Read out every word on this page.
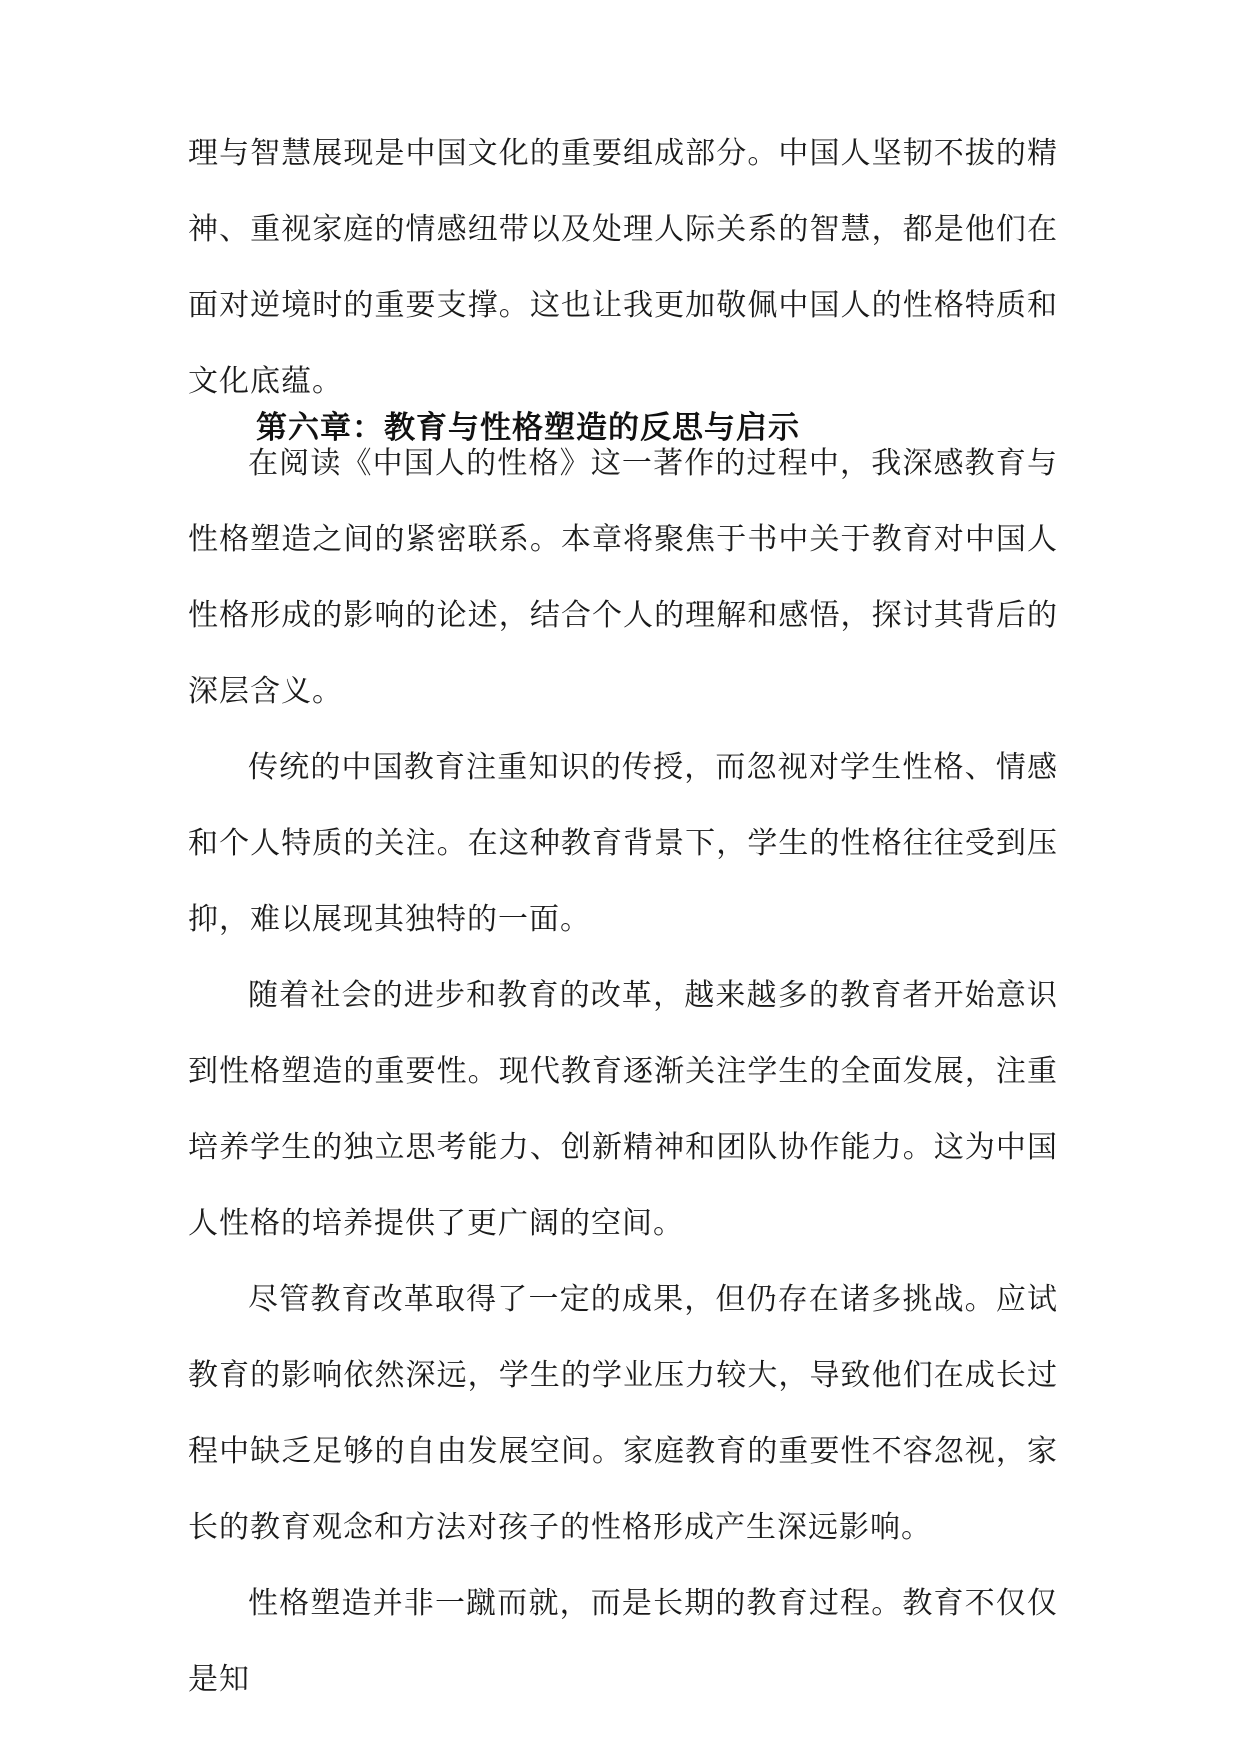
理与智慧展现是中国文化的重要组成部分。中国人坚韧不拔的精神、重视家庭的情感纽带以及处理人际关系的智慧，都是他们在面对逆境时的重要支撑。这也让我更加敬佩中国人的性格特质和文化底蕴。

第六章：教育与性格塑造的反思与启示

在阅读《中国人的性格》这一著作的过程中，我深感教育与性格塑造之间的紧密联系。本章将聚焦于书中关于教育对中国人性格形成的影响的论述，结合个人的理解和感悟，探讨其背后的深层含义。

传统的中国教育注重知识的传授，而忽视对学生性格、情感和个人特质的关注。在这种教育背景下，学生的性格往往受到压抑，难以展现其独特的一面。

随着社会的进步和教育的改革，越来越多的教育者开始意识到性格塑造的重要性。现代教育逐渐关注学生的全面发展，注重培养学生的独立思考能力、创新精神和团队协作能力。这为中国人性格的培养提供了更广阔的空间。

尽管教育改革取得了一定的成果，但仍存在诸多挑战。应试教育的影响依然深远，学生的学业压力较大，导致他们在成长过程中缺乏足够的自由发展空间。家庭教育的重要性不容忽视，家长的教育观念和方法对孩子的性格形成产生深远影响。

性格塑造并非一蹴而就，而是长期的教育过程。教育不仅仅是知
